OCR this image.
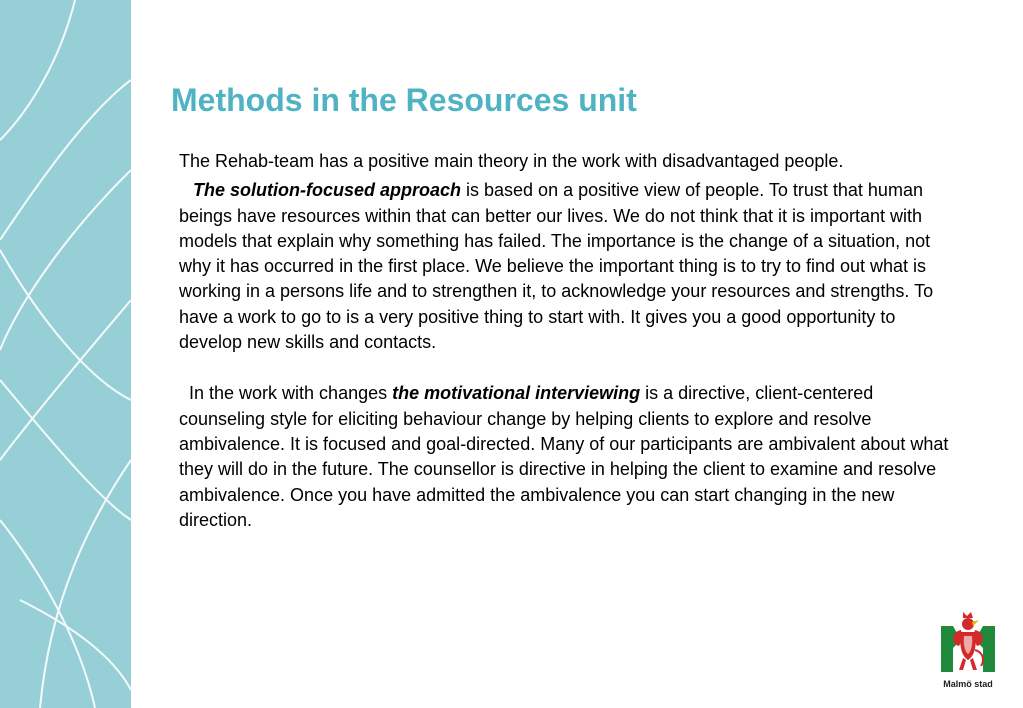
Methods in the Resources unit

The Rehab-team has a positive main theory in the work with disadvantaged people.

The solution-focused approach is based on a positive view of people. To trust that human beings have resources within that can better our lives. We do not think that it is important with models that explain why something has failed. The importance is the change of a situation, not why it has occurred in the first place. We believe the important thing is to try to find out what is working in a persons life and to strengthen it, to acknowledge your resources and strengths. To have a work to go to is a very positive thing to start with. It gives you a good opportunity to develop new skills and contacts.

In the work with changes the motivational interviewing is a directive, client-centered counseling style for eliciting behaviour change by helping clients to explore and resolve ambivalence. It is focused and goal-directed. Many of our participants are ambivalent about what they will do in the future. The counsellor is directive in helping the client to examine and resolve ambivalence. Once you have admitted the ambivalence you can start changing in the new direction.

Malmö stad
